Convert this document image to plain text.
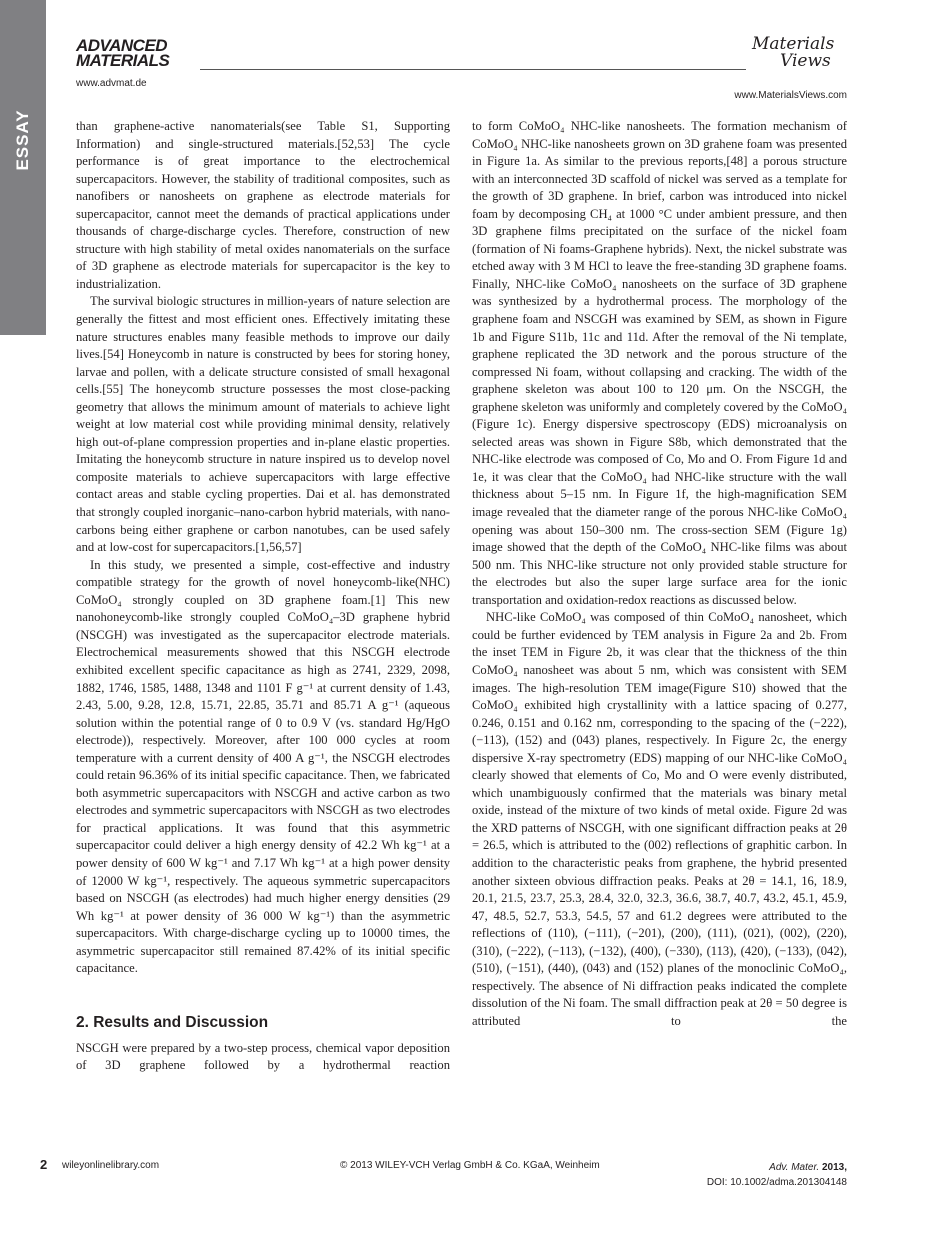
ESSAY
ADVANCED
MATERIALS
www.advmat.de
Materials
Views
www.MaterialsViews.com

than graphene-active nanomaterials(see Table S1, Supporting Information) and single-structured materials.[52,53] The cycle performance is of great importance to the electrochemical supercapacitors. However, the stability of traditional composites, such as nanofibers or nanosheets on graphene as electrode materials for supercapacitor, cannot meet the demands of practical applications under thousands of charge-discharge cycles. Therefore, construction of new structure with high stability of metal oxides nanomaterials on the surface of 3D graphene as electrode materials for supercapacitor is the key to industrialization.

The survival biologic structures in million-years of nature selection are generally the fittest and most efficient ones. Effectively imitating these nature structures enables many feasible methods to improve our daily lives.[54] Honeycomb in nature is constructed by bees for storing honey, larvae and pollen, with a delicate structure consisted of small hexagonal cells.[55] The honeycomb structure possesses the most close-packing geometry that allows the minimum amount of materials to achieve light weight at low material cost while providing minimal density, relatively high out-of-plane compression properties and in-plane elastic properties. Imitating the honeycomb structure in nature inspired us to develop novel composite materials to achieve supercapacitors with large effective contact areas and stable cycling properties. Dai et al. has demonstrated that strongly coupled inorganic–nano-carbon hybrid materials, with nano-carbons being either graphene or carbon nanotubes, can be used safely and at low-cost for supercapacitors.[1,56,57]

In this study, we presented a simple, cost-effective and industry compatible strategy for the growth of novel honeycomb-like(NHC) CoMoO₄ strongly coupled on 3D graphene foam.[1] This new nanohoneycomb-like strongly coupled CoMoO₄–3D graphene hybrid (NSCGH) was investigated as the supercapacitor electrode materials. Electrochemical measurements showed that this NSCGH electrode exhibited excellent specific capacitance as high as 2741, 2329, 2098, 1882, 1746, 1585, 1488, 1348 and 1101 F g⁻¹ at current density of 1.43, 2.43, 5.00, 9.28, 12.8, 15.71, 22.85, 35.71 and 85.71 A g⁻¹ (aqueous solution within the potential range of 0 to 0.9 V (vs. standard Hg/HgO electrode)), respectively. Moreover, after 100 000 cycles at room temperature with a current density of 400 A g⁻¹, the NSCGH electrodes could retain 96.36% of its initial specific capacitance. Then, we fabricated both asymmetric supercapacitors with NSCGH and active carbon as two electrodes and symmetric supercapacitors with NSCGH as two electrodes for practical applications. It was found that this asymmetric supercapacitor could deliver a high energy density of 42.2 Wh kg⁻¹ at a power density of 600 W kg⁻¹ and 7.17 Wh kg⁻¹ at a high power density of 12000 W kg⁻¹, respectively. The aqueous symmetric supercapacitors based on NSCGH (as electrodes) had much higher energy densities (29 Wh kg⁻¹ at power density of 36 000 W kg⁻¹) than the asymmetric supercapacitors. With charge-discharge cycling up to 10000 times, the asymmetric supercapacitor still remained 87.42% of its initial specific capacitance.

2. Results and Discussion

NSCGH were prepared by a two-step process, chemical vapor deposition of 3D graphene followed by a hydrothermal reaction

to form CoMoO₄ NHC-like nanosheets. The formation mechanism of CoMoO₄ NHC-like nanosheets grown on 3D grahene foam was presented in Figure 1a. As similar to the previous reports,[48] a porous structure with an interconnected 3D scaffold of nickel was served as a template for the growth of 3D graphene. In brief, carbon was introduced into nickel foam by decomposing CH₄ at 1000 °C under ambient pressure, and then 3D graphene films precipitated on the surface of the nickel foam (formation of Ni foams-Graphene hybrids). Next, the nickel substrate was etched away with 3 M HCl to leave the free-standing 3D graphene foams. Finally, NHC-like CoMoO₄ nanosheets on the surface of 3D graphene was synthesized by a hydrothermal process. The morphology of the graphene foam and NSCGH was examined by SEM, as shown in Figure 1b and Figure S11b, 11c and 11d. After the removal of the Ni template, graphene replicated the 3D network and the porous structure of the compressed Ni foam, without collapsing and cracking. The width of the graphene skeleton was about 100 to 120 μm. On the NSCGH, the graphene skeleton was uniformly and completely covered by the CoMoO₄ (Figure 1c). Energy dispersive spectroscopy (EDS) microanalysis on selected areas was shown in Figure S8b, which demonstrated that the NHC-like electrode was composed of Co, Mo and O. From Figure 1d and 1e, it was clear that the CoMoO₄ had NHC-like structure with the wall thickness about 5–15 nm. In Figure 1f, the high-magnification SEM image revealed that the diameter range of the porous NHC-like CoMoO₄ opening was about 150–300 nm. The cross-section SEM (Figure 1g) image showed that the depth of the CoMoO₄ NHC-like films was about 500 nm. This NHC-like structure not only provided stable structure for the electrodes but also the super large surface area for the ionic transportation and oxidation-redox reactions as discussed below.

NHC-like CoMoO₄ was composed of thin CoMoO₄ nanosheet, which could be further evidenced by TEM analysis in Figure 2a and 2b. From the inset TEM in Figure 2b, it was clear that the thickness of the thin CoMoO₄ nanosheet was about 5 nm, which was consistent with SEM images. The high-resolution TEM image(Figure S10) showed that the CoMoO₄ exhibited high crystallinity with a lattice spacing of 0.277, 0.246, 0.151 and 0.162 nm, corresponding to the spacing of the (−222), (−113), (152) and (043) planes, respectively. In Figure 2c, the energy dispersive X-ray spectrometry (EDS) mapping of our NHC-like CoMoO₄ clearly showed that elements of Co, Mo and O were evenly distributed, which unambiguously confirmed that the materials was binary metal oxide, instead of the mixture of two kinds of metal oxide. Figure 2d was the XRD patterns of NSCGH, with one significant diffraction peaks at 2θ = 26.5, which is attributed to the (002) reflections of graphitic carbon. In addition to the characteristic peaks from graphene, the hybrid presented another sixteen obvious diffraction peaks. Peaks at 2θ = 14.1, 16, 18.9, 20.1, 21.5, 23.7, 25.3, 28.4, 32.0, 32.3, 36.6, 38.7, 40.7, 43.2, 45.1, 45.9, 47, 48.5, 52.7, 53.3, 54.5, 57 and 61.2 degrees were attributed to the reflections of (110), (−111), (−201), (200), (111), (021), (002), (220), (310), (−222), (−113), (−132), (400), (−330), (113), (420), (−133), (042), (510), (−151), (440), (043) and (152) planes of the monoclinic CoMoO₄, respectively. The absence of Ni diffraction peaks indicated the complete dissolution of the Ni foam. The small diffraction peak at 2θ = 50 degree is attributed to the

2 wileyonlinelibrary.com	© 2013 WILEY-VCH Verlag GmbH & Co. KGaA, Weinheim	Adv. Mater. 2013,
DOI: 10.1002/adma.201304148
